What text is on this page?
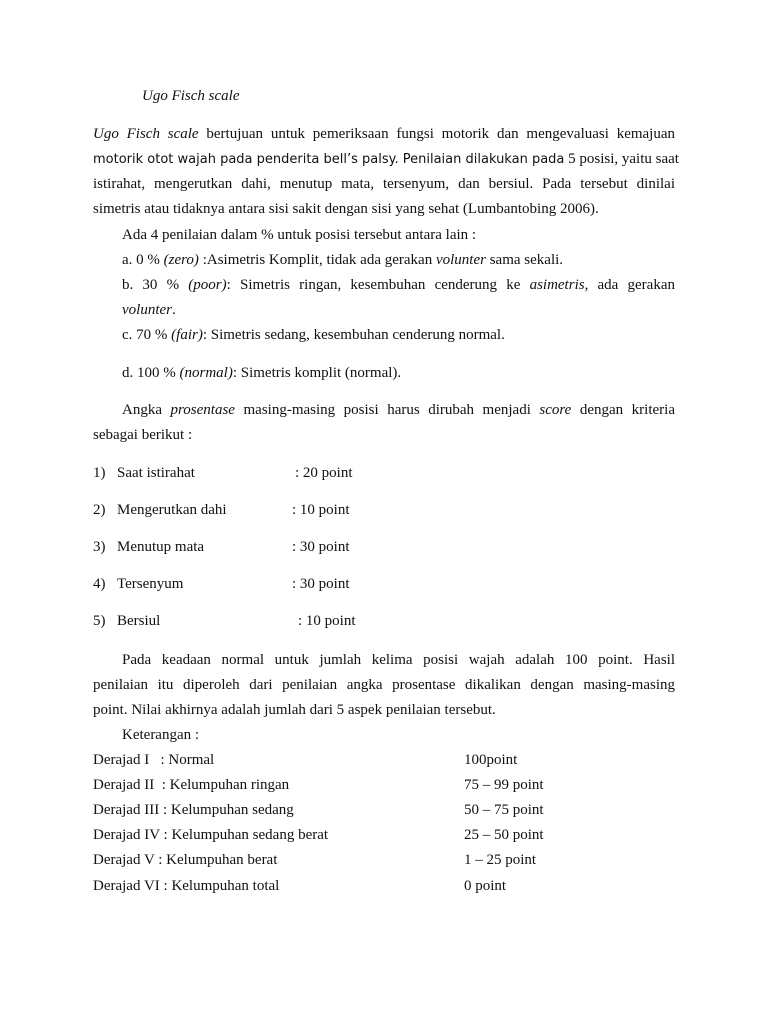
Ugo Fisch scale
Ugo Fisch scale bertujuan untuk pemeriksaan fungsi motorik dan mengevaluasi kemajuan
motorik otot wajah pada penderita bell’s palsy. Penilaian dilakukan pada 5 posisi, yaitu saat
istirahat, mengerutkan dahi, menutup mata, tersenyum, dan bersiul. Pada tersebut dinilai
simetris atau tidaknya antara sisi sakit dengan sisi yang sehat (Lumbantobing 2006).
Ada 4 penilaian dalam % untuk posisi tersebut antara lain :
a. 0 % (zero) :Asimetris Komplit, tidak ada gerakan volunter sama sekali.
b. 30 % (poor): Simetris ringan, kesembuhan cenderung ke asimetris, ada gerakan
volunter.
c. 70 % (fair): Simetris sedang, kesembuhan cenderung normal.
d. 100 % (normal): Simetris komplit (normal).
Angka prosentase masing-masing posisi harus dirubah menjadi score dengan kriteria
sebagai berikut :
1) Saat istirahat	: 20 point
2) Mengerutkan dahi	: 10 point
3) Menutup mata	: 30 point
4) Tersenyum	: 30 point
5) Bersiul	: 10 point
Pada keadaan normal untuk jumlah kelima posisi wajah adalah 100 point. Hasil
penilaian itu diperoleh dari penilaian angka prosentase dikalikan dengan masing-masing
point. Nilai akhirnya adalah jumlah dari 5 aspek penilaian tersebut.
Keterangan :
Derajad I   : Normal	100point
Derajad II  : Kelumpuhan ringan	75 – 99 point
Derajad III : Kelumpuhan sedang	50 – 75 point
Derajad IV : Kelumpuhan sedang berat	25 – 50 point
Derajad V : Kelumpuhan berat	1 – 25 point
Derajad VI : Kelumpuhan total	0 point
